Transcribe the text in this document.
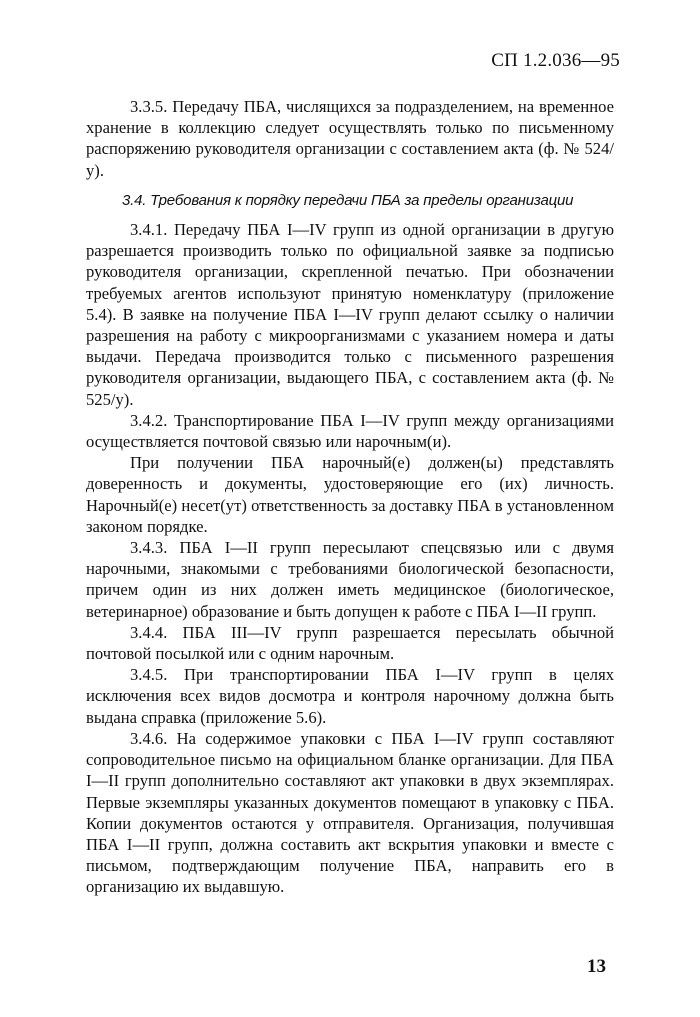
СП 1.2.036—95

3.3.5. Передачу ПБА, числящихся за подразделением, на временное хранение в коллекцию следует осуществлять только по письменному распоряжению руководителя организации с составлением акта (ф. № 524/у).

3.4. Требования к порядку передачи ПБА за пределы организации

3.4.1. Передачу ПБА I—IV групп из одной организации в другую разрешается производить только по официальной заявке за подписью руководителя организации, скрепленной печатью. При обозначении требуемых агентов используют принятую номенклатуру (приложение 5.4). В заявке на получение ПБА I—IV групп делают ссылку о наличии разрешения на работу с микроорганизмами с указанием номера и даты выдачи. Передача производится только с письменного разрешения руководителя организации, выдающего ПБА, с составлением акта (ф. № 525/у).

3.4.2. Транспортирование ПБА I—IV групп между организациями осуществляется почтовой связью или нарочным(и).

При получении ПБА нарочный(е) должен(ы) представлять доверенность и документы, удостоверяющие его (их) личность. Нарочный(е) несет(ут) ответственность за доставку ПБА в установленном законом порядке.

3.4.3. ПБА I—II групп пересылают спецсвязью или с двумя нарочными, знакомыми с требованиями биологической безопасности, причем один из них должен иметь медицинское (биологическое, ветеринарное) образование и быть допущен к работе с ПБА I—II групп.

3.4.4. ПБА III—IV групп разрешается пересылать обычной почтовой посылкой или с одним нарочным.

3.4.5. При транспортировании ПБА I—IV групп в целях исключения всех видов досмотра и контроля нарочному должна быть выдана справка (приложение 5.6).

3.4.6. На содержимое упаковки с ПБА I—IV групп составляют сопроводительное письмо на официальном бланке организации. Для ПБА I—II групп дополнительно составляют акт упаковки в двух экземплярах. Первые экземпляры указанных документов помещают в упаковку с ПБА. Копии документов остаются у отправителя. Организация, получившая ПБА I—II групп, должна составить акт вскрытия упаковки и вместе с письмом, подтверждающим получение ПБА, направить его в организацию их выдавшую.

13
